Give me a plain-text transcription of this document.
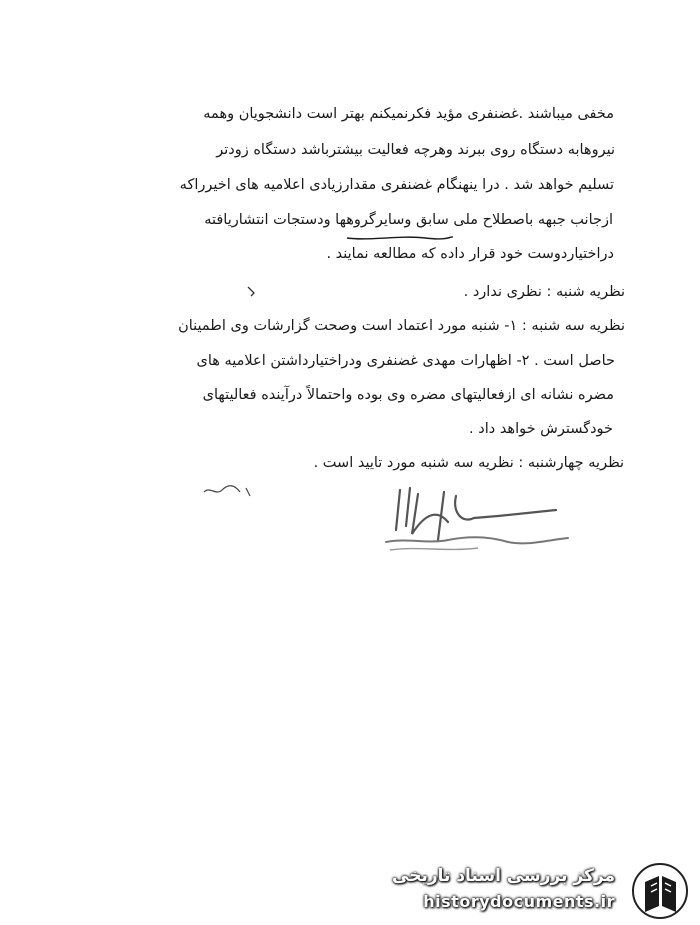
مخفی میباشند .غضنفری مؤید فکرنمیکنم بهتر است دانشجویان وهمه
نیروهابه دستگاه روی ببرند وهرچه فعالیت بیشترباشد دستگاه زودتر
تسلیم خواهد شد . درا ینهنگام غضنفری مقدارزیادی اعلامیه های اخیرراکه
ازجانب جبهه باصطلاح ملی سابق وسایرگروهها ودستجات انتشاریافته
دراختیاردوست خود قرار داده که مطالعه نمایند .
نظریه شنبه : نظری ندارد .
نظریه سه شنبه : ۱- شنبه مورد اعتماد است وصحت گزارشات وی اطمینان
حاصل است . ۲- اظهارات مهدی غضنفری ودراختیارداشتن اعلامیه های
مضره نشانه ای ازفعالیتهای مضره وی بوده واحتمالاً درآینده فعالیتهای
خودگسترش خواهد داد .
نظریه چهارشنبه : نظریه سه شنبه مورد تایید است .
مرکز بررسی اسناد تاریخی
historydocuments.ir
